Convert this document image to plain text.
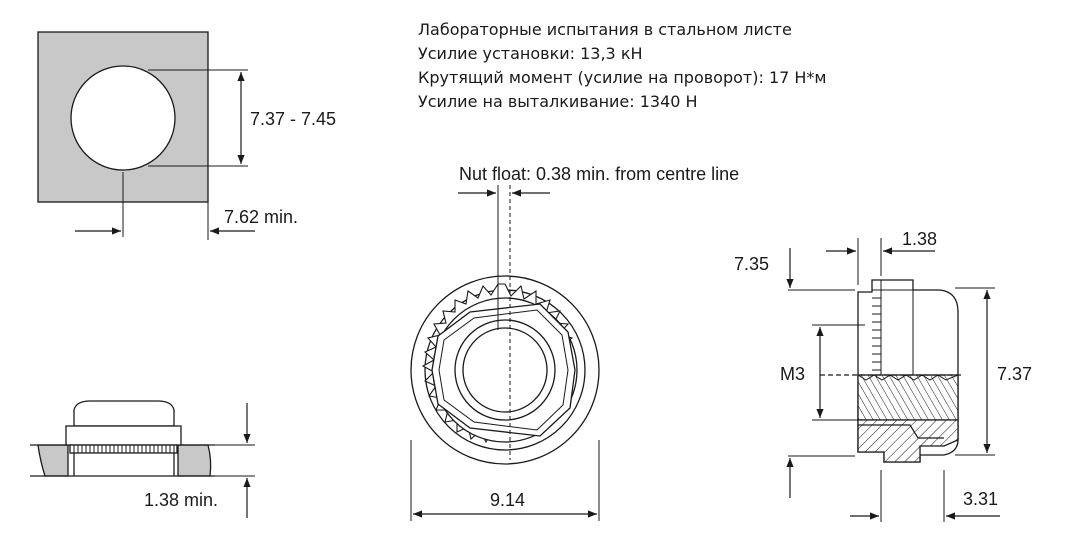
Лабораторные испытания в стальном листе
Усилие установки: 13,3 кН
Крутящий момент (усилие на проворот): 17 Н*м
Усилие на выталкивание: 1340 Н
7.37 - 7.45
7.62 min.
1.38 min.
Nut float: 0.38 min. from centre line
9.14
1.38
7.35
M3	7.37
3.31
